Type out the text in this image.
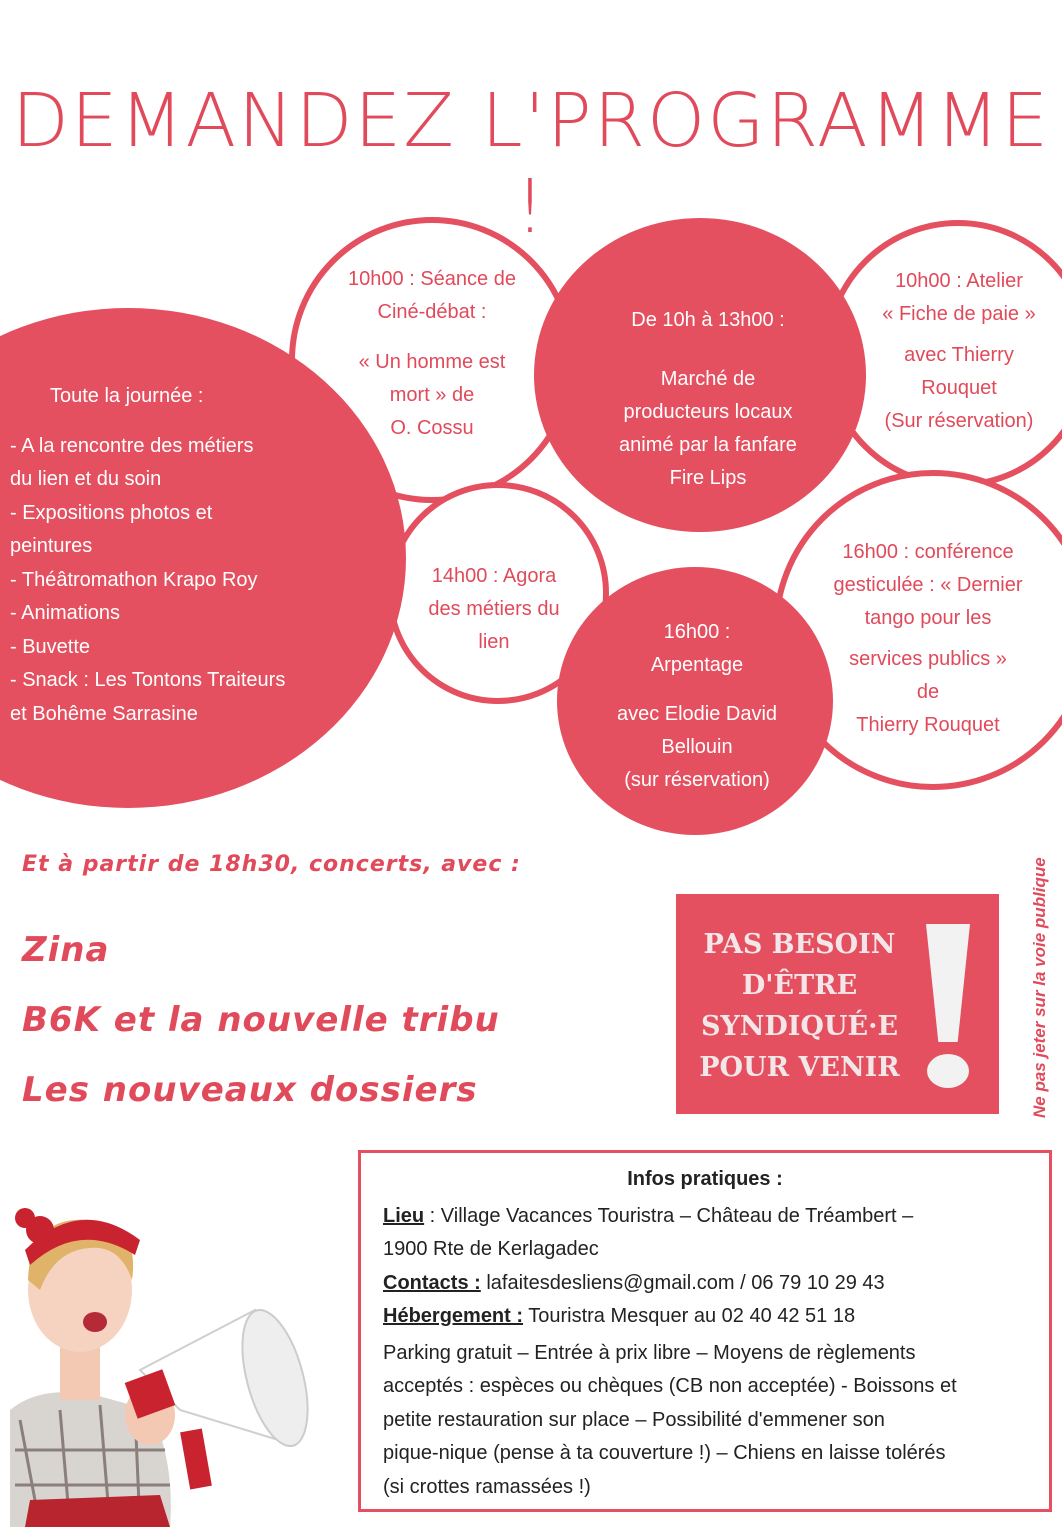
DEMANDEZ L'PROGRAMME !
Toute la journée :
- A la rencontre des métiers
du lien et du soin
- Expositions photos et
peintures
- Théâtromathon Krapo Roy
- Animations
- Buvette
- Snack : Les Tontons Traiteurs
et Bohême Sarrasine
10h00 : Séance de
Ciné-débat :
« Un homme est
mort » de
O. Cossu
De 10h à 13h00 :
Marché de
producteurs locaux
animé par la fanfare
Fire Lips
10h00 : Atelier
« Fiche de paie »
avec Thierry
Rouquet
(Sur réservation)
14h00 : Agora
des métiers du
lien	16h00 :
Arpentage
avec Elodie David
Bellouin
(sur réservation)
16h00 : conférence
gesticulée : « Dernier
tango pour les
services publics »
de
Thierry Rouquet
Et à partir de 18h30, concerts, avec :
Zina
B6K et la nouvelle tribu
Les nouveaux dossiers
PAS BESOIN
D'ÊTRE
SYNDIQUÉ·E
POUR VENIR	Ne pas jeter sur la voie publique
Infos pratiques :
Lieu : Village Vacances Touristra – Château de Tréambert –
1900 Rte de Kerlagadec
Contacts : lafaitesdesliens@gmail.com / 06 79 10 29 43
Hébergement : Touristra Mesquer au 02 40 42 51 18
Parking gratuit – Entrée à prix libre – Moyens de règlements
acceptés : espèces ou chèques (CB non acceptée) - Boissons et
petite restauration sur place – Possibilité d'emmener son
pique-nique (pense à ta couverture !) – Chiens en laisse tolérés
(si crottes ramassées !)
